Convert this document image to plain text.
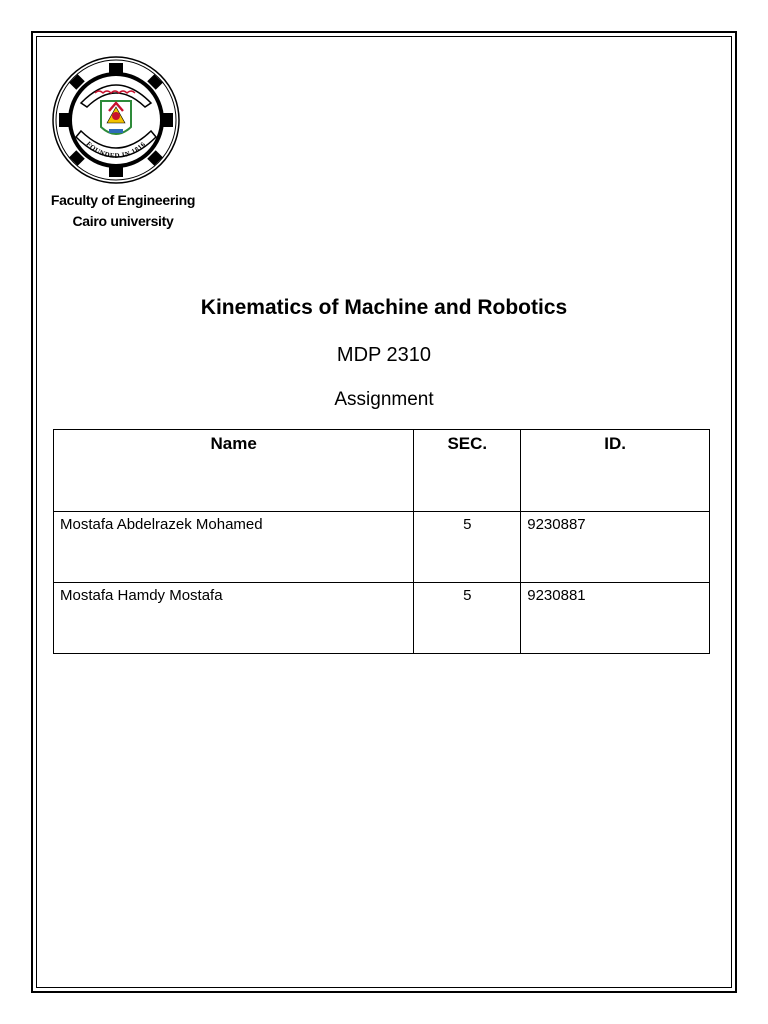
FOUNDED IN 1816
Faculty of Engineering
Cairo university
Kinematics of Machine and Robotics
MDP 2310
Assignment
Name	SEC.	ID.
Mostafa Abdelrazek Mohamed	5	9230887
Mostafa Hamdy Mostafa	5	9230881
